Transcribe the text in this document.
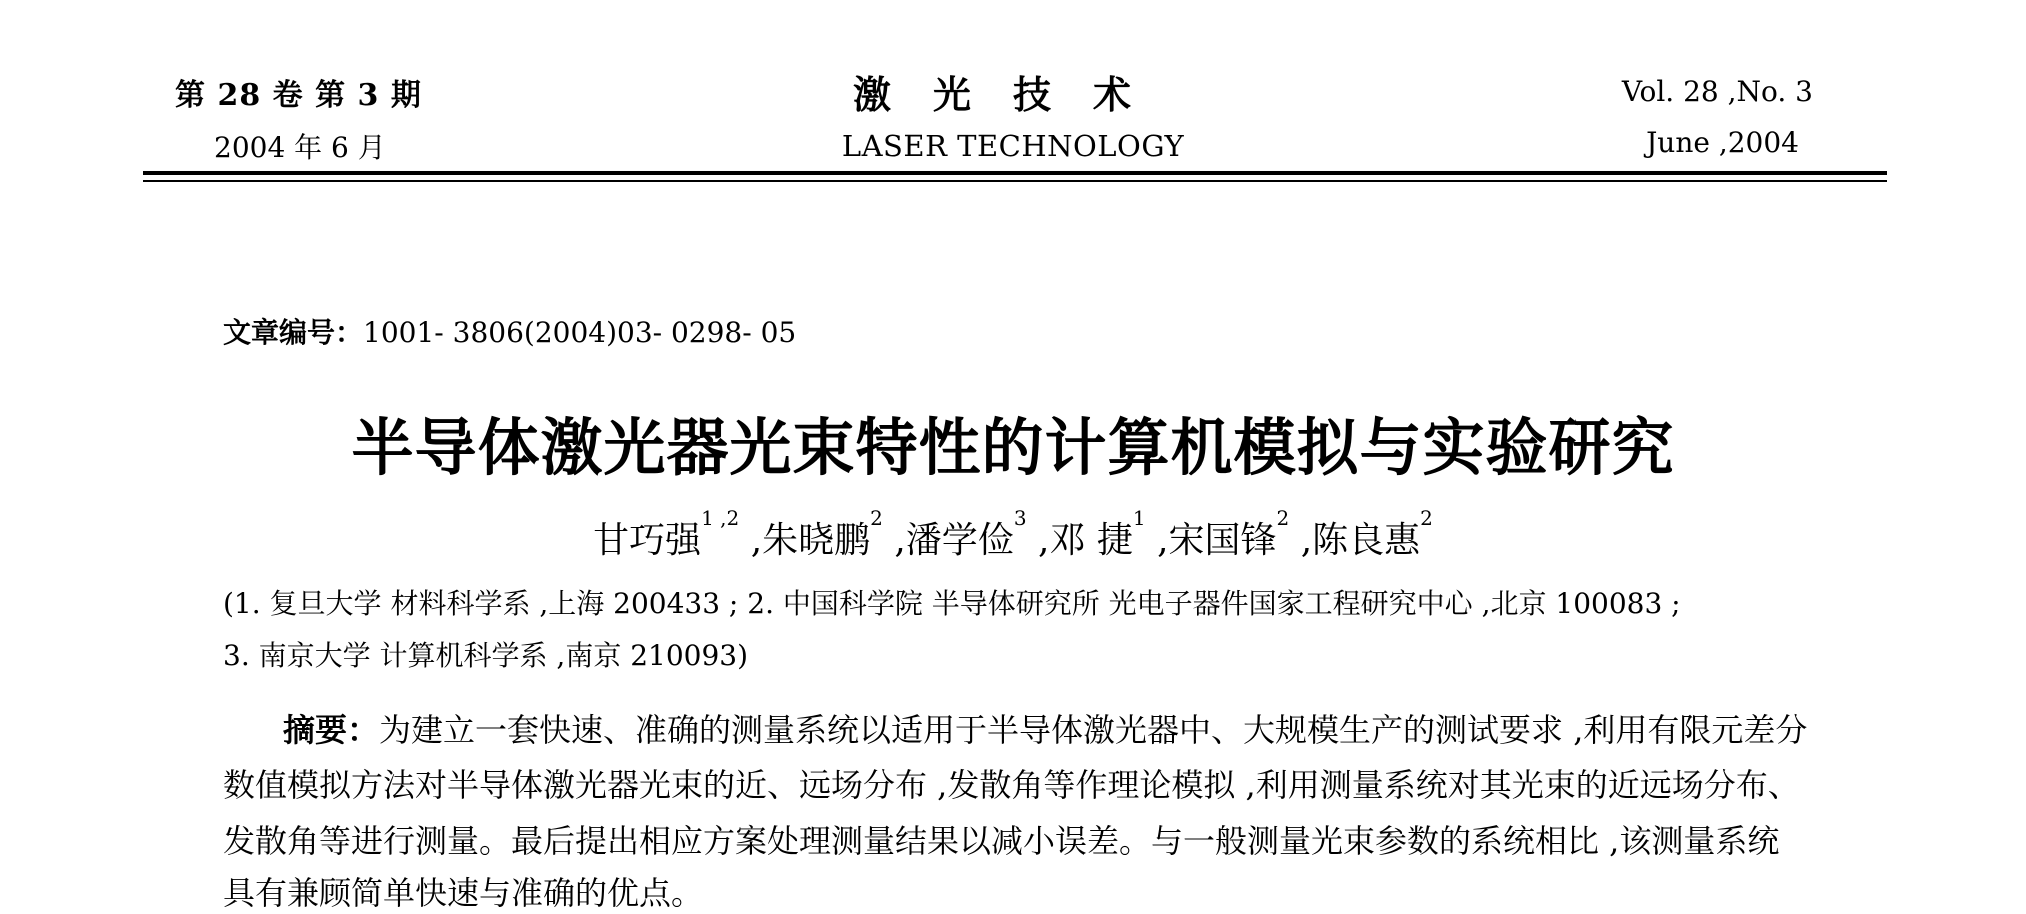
第 28 卷 第 3 期
2004 年 6 月
激光技术
LASER TECHNOLOGY
Vol. 28 ,No. 3
June ,2004
文章编号：1001- 3806(2004)03- 0298- 05
半导体激光器光束特性的计算机模拟与实验研究
甘巧强$^{1 ,2}$ ,朱晓鹏$^2$ ,潘学俭$^3$ ,邓 捷$^1$ ,宋国锋$^2$ ,陈良惠$^2$
(1. 复旦大学 材料科学系 ,上海 200433 ; 2. 中国科学院 半导体研究所 光电子器件国家工程研究中心 ,北京 100083 ;
3. 南京大学 计算机科学系 ,南京 210093)
摘要：为建立一套快速、准确的测量系统以适用于半导体激光器中、大规模生产的测试要求 ,利用有限元差分
数值模拟方法对半导体激光器光束的近、远场分布 ,发散角等作理论模拟 ,利用测量系统对其光束的近远场分布、
发散角等进行测量。最后提出相应方案处理测量结果以减小误差。与一般测量光束参数的系统相比 ,该测量系统
具有兼顾简单快速与准确的优点。
